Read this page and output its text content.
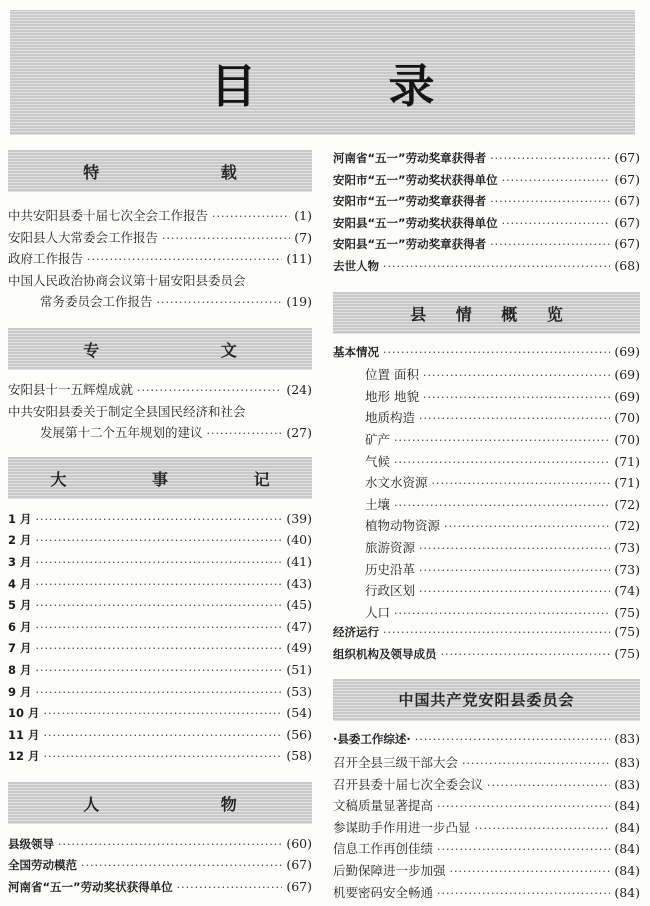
目 录
特 载
中共安阳县委十届七次全会工作报告 ·····	(1)
安阳县人大常委会工作报告 ·····	(7)
政府工作报告 ·····	(11)
中国人民政治协商会议第十届安阳县委员会
常务委员会工作报告 ·····	(19)
专 文
安阳县十一五辉煌成就 ·····	(24)
中共安阳县委关于制定全县国民经济和社会
发展第十二个五年规划的建议 ·····	(27)
大 事 记
1 月 ·····	(39)
2 月 ·····	(40)
3 月 ·····	(41)
4 月 ·····	(43)
5 月 ·····	(45)
6 月 ·····	(47)
7 月 ·····	(49)
8 月 ·····	(51)
9 月 ·····	(53)
10 月 ·····	(54)
11 月 ·····	(56)
12 月 ·····	(58)
人 物
县级领导 ·····	(60)
全国劳动模范 ·····	(67)
河南省“五一”劳动奖状获得单位 ·····	(67)
河南省“五一”劳动奖章获得者 ·····	(67)
安阳市“五一”劳动奖状获得单位 ·····	(67)
安阳市“五一”劳动奖章获得者 ·····	(67)
安阳县“五一”劳动奖状获得单位 ·····	(67)
安阳县“五一”劳动奖章获得者 ·····	(67)
去世人物 ·····	(68)
县 情 概 览
基本情况 ·····	(69)
位置 面积 ·····	(69)
地形 地貌 ·····	(69)
地质构造 ·····	(70)
矿产 ·····	(70)
气候 ·····	(71)
水文水资源 ·····	(71)
土壤 ·····	(72)
植物动物资源 ·····	(72)
旅游资源 ·····	(73)
历史沿革 ·····	(73)
行政区划 ·····	(74)
人口 ·····	(75)
经济运行 ·····	(75)
组织机构及领导成员 ·····	(75)
中国共产党安阳县委员会
·县委工作综述· ·····	(83)
召开全县三级干部大会 ·····	(83)
召开县委十届七次全委会议 ·····	(83)
文稿质量显著提高 ·····	(84)
参谋助手作用进一步凸显 ·····	(84)
信息工作再创佳绩 ·····	(84)
后勤保障进一步加强 ·····	(84)
机要密码安全畅通 ·····	(84)
